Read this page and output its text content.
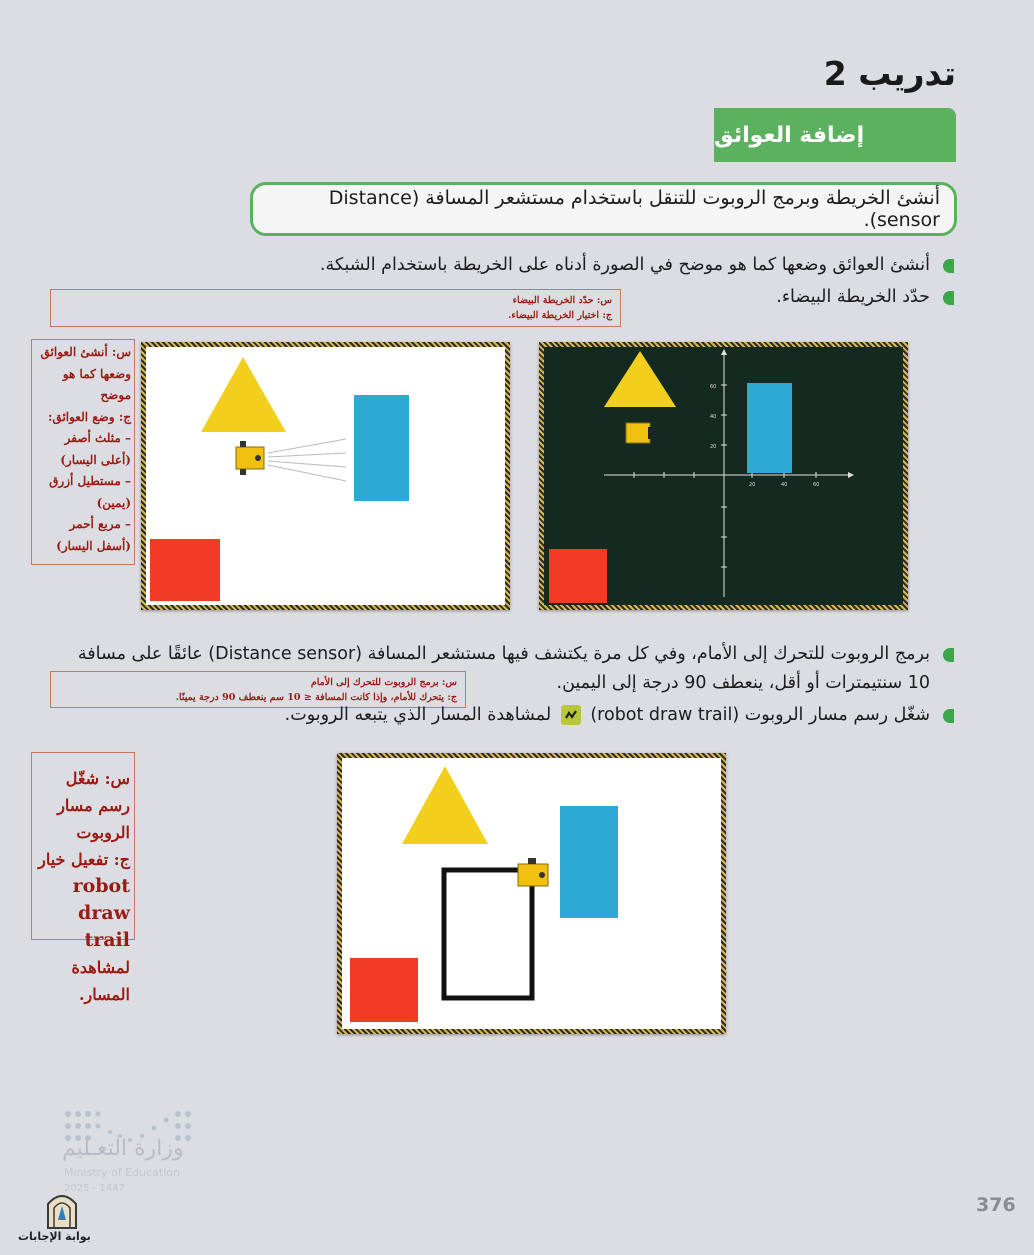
تدريب 2
إضافة العوائق
أنشئ الخريطة وبرمج الروبوت للتنقل باستخدام مستشعر المسافة (Distance sensor).
أنشئ العوائق وضعها كما هو موضح في الصورة أدناه على الخريطة باستخدام الشبكة.
حدّد الخريطة البيضاء.
س: حدّد الخريطة البيضاء
ج: اختيار الخريطة البيضاء.
س: أنشئ العوائق وضعها كما هو موضح
ج: وضع العوائق:
– مثلث أصفر (أعلى اليسار)
– مستطيل أزرق (يمين)
– مربع أحمر (أسفل اليسار)
60
40
20
20	40	60
برمج الروبوت للتحرك إلى الأمام، وفي كل مرة يكتشف فيها مستشعر المسافة (Distance sensor) عائقًا على مسافة
10 سنتيمترات أو أقل، ينعطف 90 درجة إلى اليمين.
س: برمج الروبوت للتحرك إلى الأمام
ج: يتحرك للأمام، وإذا كانت المسافة ≤ 10 سم ينعطف 90 درجة يمينًا.
شغّل رسم مسار الروبوت (robot draw trail)
لمشاهدة المسار الذي يتبعه الروبوت.
س: شغّل رسم مسار الروبوت
ج: تفعيل خيار
robot draw trail
لمشاهدة المسار.
وزارة التعـليم
Ministry of Education
2025 - 1447
بوابة الإجابات
376
